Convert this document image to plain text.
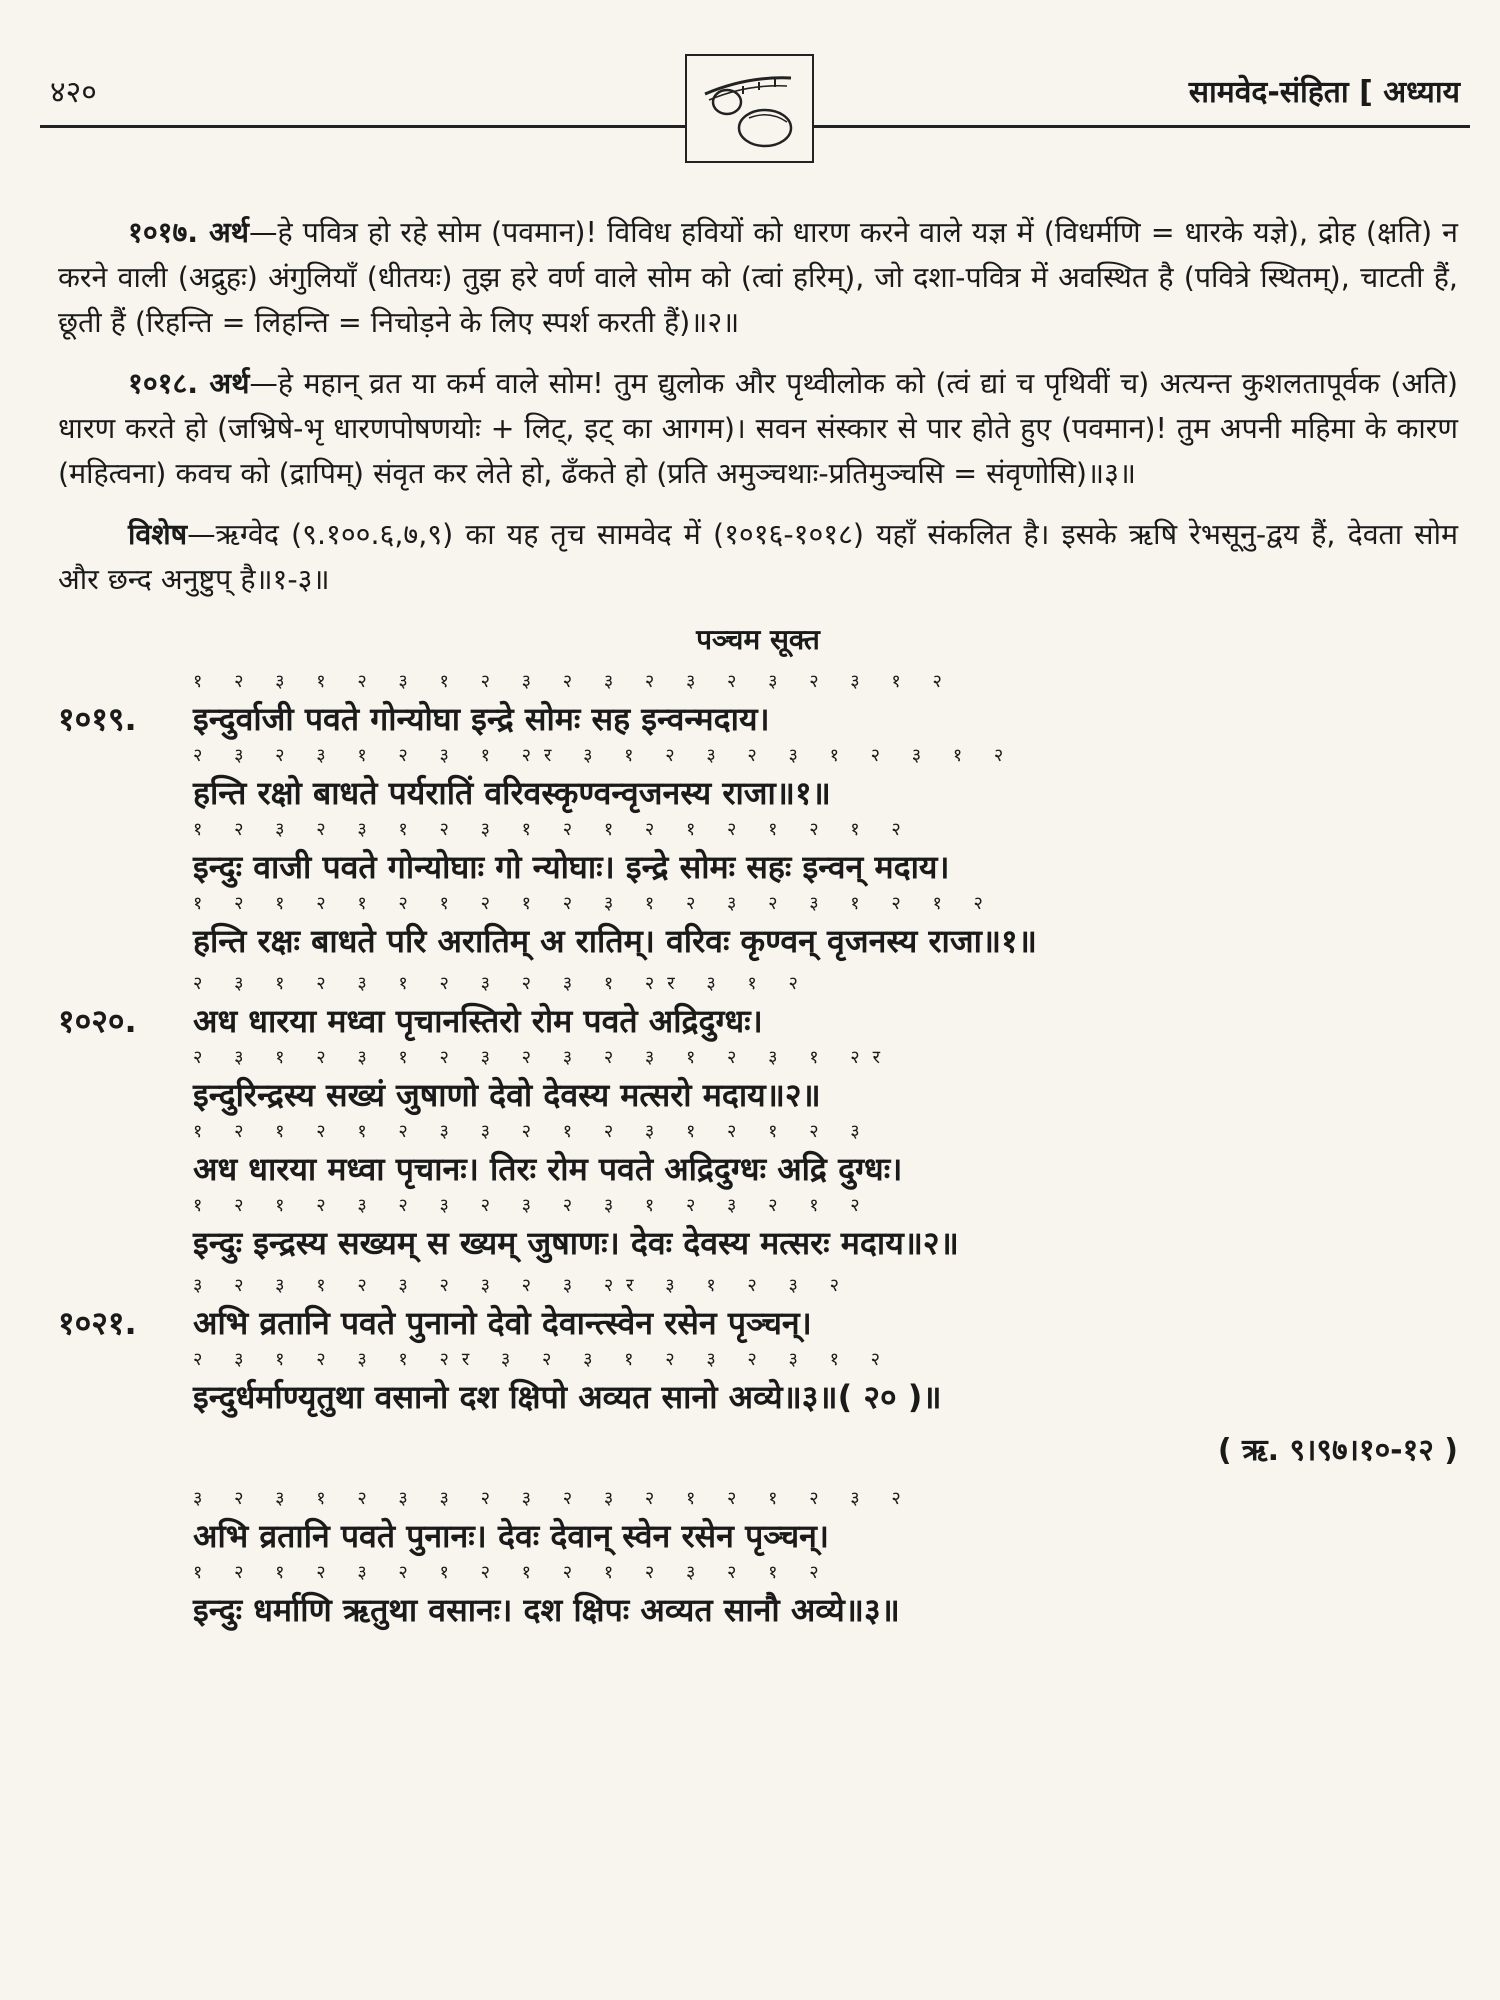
४२०	सामवेद-संहिता [ अध्याय

१०१७. अर्थ—हे पवित्र हो रहे सोम (पवमान)! विविध हवियों को धारण करने वाले यज्ञ में (विधर्मणि = धारके यज्ञे), द्रोह (क्षति) न करने वाली (अद्रुहः) अंगुलियाँ (धीतयः) तुझ हरे वर्ण वाले सोम को (त्वां हरिम्), जो दशा-पवित्र में अवस्थित है (पवित्रे स्थितम्), चाटती हैं, छूती हैं (रिहन्ति = लिहन्ति = निचोड़ने के लिए स्पर्श करती हैं)॥२॥

१०१८. अर्थ—हे महान् व्रत या कर्म वाले सोम! तुम द्युलोक और पृथ्वीलोक को (त्वं द्यां च पृथिवीं च) अत्यन्त कुशलतापूर्वक (अति) धारण करते हो (जभ्रिषे-भृ धारणपोषणयोः + लिट्, इट् का आगम)। सवन संस्कार से पार होते हुए (पवमान)! तुम अपनी महिमा के कारण (महित्वना) कवच को (द्रापिम्) संवृत कर लेते हो, ढँकते हो (प्रति अमुञ्चथाः-प्रतिमुञ्चसि = संवृणोसि)॥३॥

विशेष—ऋग्वेद (९.१००.६,७,९) का यह तृच सामवेद में (१०१६-१०१८) यहाँ संकलित है। इसके ऋषि रेभसूनु-द्वय हैं, देवता सोम और छन्द अनुष्टुप् है॥१-३॥

पञ्चम सूक्त
१ २ ३ १ २ ३ १ २ ३ २ ३ २ ३ २ ३ २ ३ १ २
१०१९. इन्दुर्वाजी पवते गोन्योघा इन्द्रे सोमः सह इन्वन्मदाय।
२ ३ २ ३ १ २ ३ १ २र ३ १ २ ३ २ ३ १ २ ३ १ २
हन्ति रक्षो बाधते पर्यरातिं वरिवस्कृण्वन्वृजनस्य राजा॥१॥
१ २ ३ २ ३ १ २ ३ १ २ १ २ १ २ १ २ १ २
इन्दुः वाजी पवते गोन्योघाः गो न्योघाः। इन्द्रे सोमः सहः इन्वन् मदाय।
१ २ १ २ १ २ १ २ १ २ ३ १ २ ३ २ ३ १ २ १ २
हन्ति रक्षः बाधते परि अरातिम् अ रातिम्। वरिवः कृण्वन् वृजनस्य राजा॥१॥
२ ३ १ २ ३ १ २ ३ २ ३ १ २र ३ १ २
१०२०. अध धारया मध्वा पृचानस्तिरो रोम पवते अद्रिदुग्धः।
२ ३ १ २ ३ १ २ ३ २ ३ २ ३ १ २ ३ १ २र
इन्दुरिन्द्रस्य सख्यं जुषाणो देवो देवस्य मत्सरो मदाय॥२॥
१ २ १ २ १ २ ३ ३ २ १ २ ३ १ २ १ २ ३
अध धारया मध्वा पृचानः। तिरः रोम पवते अद्रिदुग्धः अद्रि दुग्धः।
१ २ १ २ ३ २ ३ २ ३ २ ३ १ २ ३ २ १ २
इन्दुः इन्द्रस्य सख्यम् स ख्यम् जुषाणः। देवः देवस्य मत्सरः मदाय॥२॥
३ २ ३ १ २ ३ २ ३ २ ३ २र ३ १ २ ३ २
१०२१. अभि व्रतानि पवते पुनानो देवो देवान्त्स्वेन रसेन पृञ्चन्।
२ ३ १ २ ३ १ २र ३ २ ३ १ २ ३ २ ३ १ २
इन्दुर्धर्माण्यृतुथा वसानो दश क्षिपो अव्यत सानो अव्ये॥३॥( २० )॥
( ऋ. ९।९७।१०-१२ )
३ २ ३ १ २ ३ ३ २ ३ २ ३ २ १ २ १ २ ३ २
अभि व्रतानि पवते पुनानः। देवः देवान् स्वेन रसेन पृञ्चन्।
१ २ १ २ ३ २ १ २ १ २ १ २ ३ २ १ २
इन्दुः धर्माणि ऋतुथा वसानः। दश क्षिपः अव्यत सानौ अव्ये॥३॥
